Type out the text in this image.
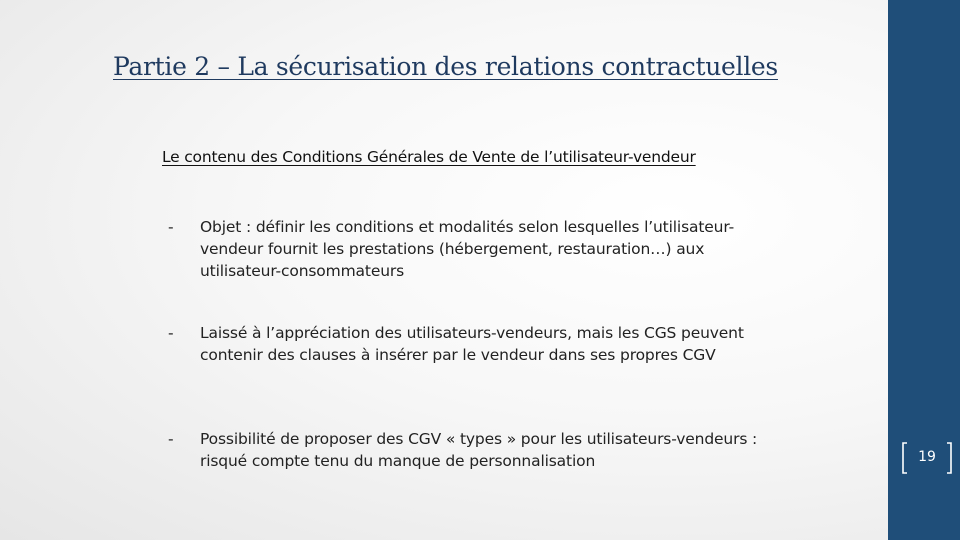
Partie 2 – La sécurisation des relations contractuelles
Le contenu des Conditions Générales de Vente de l’utilisateur-vendeur
- Objet : définir les conditions et modalités selon lesquelles l’utilisateur-vendeur fournit les prestations (hébergement, restauration…) aux utilisateur-consommateurs
- Laissé à l’appréciation des utilisateurs-vendeurs, mais les CGS peuvent contenir des clauses à insérer par le vendeur dans ses propres CGV
- Possibilité de proposer des CGV « types » pour les utilisateurs-vendeurs : risqué compte tenu du manque de personnalisation	19
